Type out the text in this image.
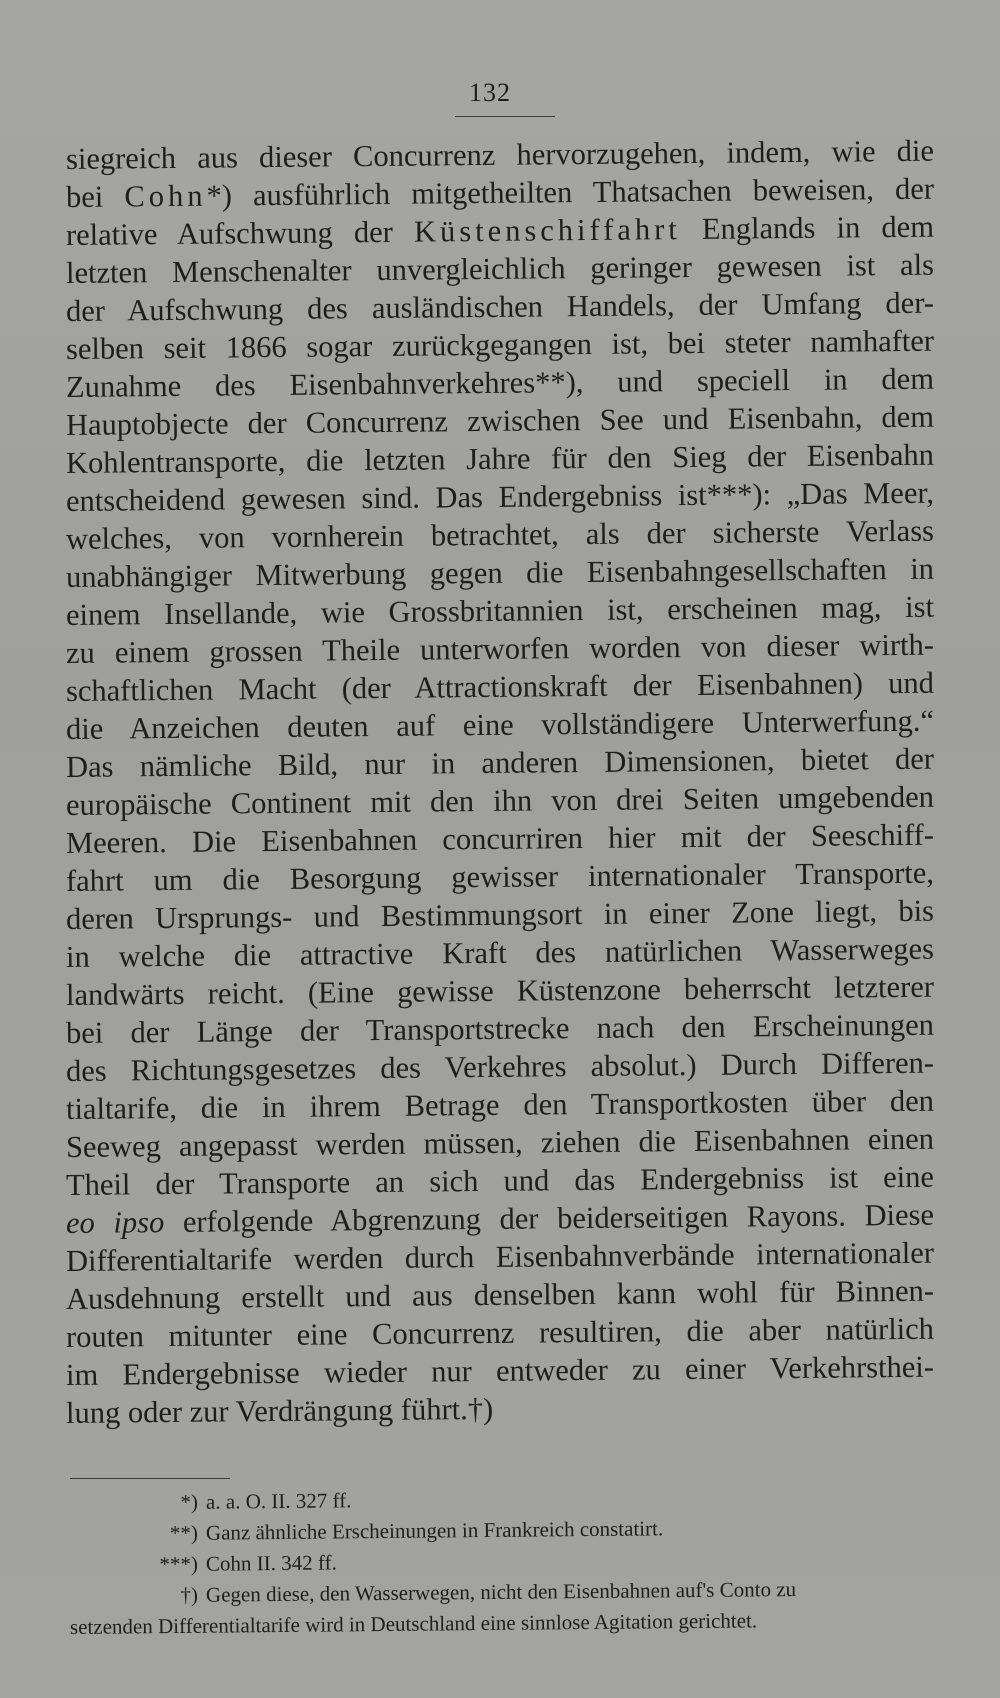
132
siegreich aus dieser Concurrenz hervorzugehen, indem, wie die
bei Cohn*) ausführlich mitgetheilten Thatsachen beweisen, der
relative Aufschwung der Küstenschiffahrt Englands in dem
letzten Menschenalter unvergleichlich geringer gewesen ist als
der Aufschwung des ausländischen Handels, der Umfang der-
selben seit 1866 sogar zurückgegangen ist, bei steter namhafter
Zunahme des Eisenbahnverkehres**), und speciell in dem
Hauptobjecte der Concurrenz zwischen See und Eisenbahn, dem
Kohlentransporte, die letzten Jahre für den Sieg der Eisenbahn
entscheidend gewesen sind. Das Endergebniss ist***): „Das Meer,
welches, von vornherein betrachtet, als der sicherste Verlass
unabhängiger Mitwerbung gegen die Eisenbahngesellschaften in
einem Insellande, wie Grossbritannien ist, erscheinen mag, ist
zu einem grossen Theile unterworfen worden von dieser wirth-
schaftlichen Macht (der Attractionskraft der Eisenbahnen) und
die Anzeichen deuten auf eine vollständigere Unterwerfung.“
Das nämliche Bild, nur in anderen Dimensionen, bietet der
europäische Continent mit den ihn von drei Seiten umgebenden
Meeren. Die Eisenbahnen concurriren hier mit der Seeschiff-
fahrt um die Besorgung gewisser internationaler Transporte,
deren Ursprungs- und Bestimmungsort in einer Zone liegt, bis
in welche die attractive Kraft des natürlichen Wasserweges
landwärts reicht. (Eine gewisse Küstenzone beherrscht letzterer
bei der Länge der Transportstrecke nach den Erscheinungen
des Richtungsgesetzes des Verkehres absolut.) Durch Differen-
tialtarife, die in ihrem Betrage den Transportkosten über den
Seeweg angepasst werden müssen, ziehen die Eisenbahnen einen
Theil der Transporte an sich und das Endergebniss ist eine
eo ipso erfolgende Abgrenzung der beiderseitigen Rayons. Diese
Differentialtarife werden durch Eisenbahnverbände internationaler
Ausdehnung erstellt und aus denselben kann wohl für Binnen-
routen mitunter eine Concurrenz resultiren, die aber natürlich
im Endergebnisse wieder nur entweder zu einer Verkehrsthei-
lung oder zur Verdrängung führt.†)
*) a. a. O. II. 327 ff.
**) Ganz ähnliche Erscheinungen in Frankreich constatirt.
***) Cohn II. 342 ff.
†) Gegen diese, den Wasserwegen, nicht den Eisenbahnen auf's Conto zu
setzenden Differentialtarife wird in Deutschland eine sinnlose Agitation gerichtet.
